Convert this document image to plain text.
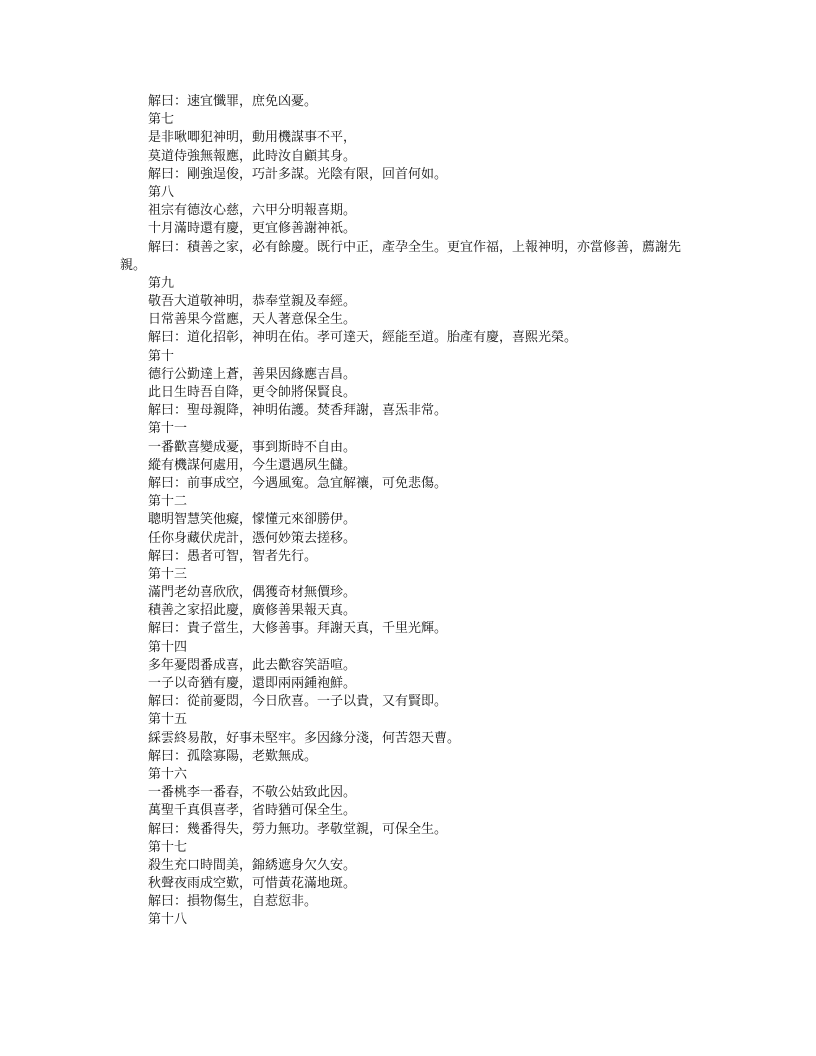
解曰：速宜懺罪，庶免凶憂。
第七
是非啾唧犯神明，動用機謀事不平，
莫道侍強無報應，此時汝自顧其身。
解曰：剛強逞俊，巧計多謀。光陰有限，回首何如。
第八
祖宗有德汝心慈，六甲分明報喜期。
十月滿時還有慶，更宜修善謝神祇。
解曰：積善之家，必有餘慶。既行中正，產孕全生。更宜作福，上報神明，亦當修善，薦謝先親。
第九
敬吾大道敬神明，恭奉堂親及奉經。
日常善果今當應，天人著意保全生。
解曰：道化招彰，神明在佑。孝可達天，經能至道。胎產有慶，喜熙光榮。
第十
德行公勤達上蒼，善果因緣應吉昌。
此日生時吾自降，更令帥將保賢良。
解曰：聖母親降，神明佑護。焚香拜謝，喜炁非常。
第十一
一番歡喜變成憂，事到斯時不自由。
縱有機謀何處用，今生還遇夙生讎。
解曰：前事成空，今遇風寃。急宜解禳，可免悲傷。
第十二
聰明智慧笑他癡，懞懂元來卻勝伊。
任你身藏伏虎計，憑何妙策去搓移。
解曰：愚者可智，智者先行。
第十三
滿門老幼喜欣欣，偶獲奇材無價珍。
積善之家招此慶，廣修善果報天真。
解曰：貴子當生，大修善事。拜謝天真，千里光輝。
第十四
多年憂悶番成喜，此去歡容笑語喧。
一子以奇猶有慶，還即兩兩鍾袍鮮。
解曰：從前憂悶，今日欣喜。一子以貴，又有賢即。
第十五
綵雲終易散，好事未堅牢。多因緣分淺，何苦怨天曹。
解曰：孤陰寡陽，老歎無成。
第十六
一番桃李一番春，不敬公姑致此因。
萬聖千真俱喜孝，省時猶可保全生。
解曰：幾番得失，勞力無功。孝敬堂親，可保全生。
第十七
殺生充口時間美，錦綉遮身欠久安。
秋聲夜雨成空歎，可惜黃花滿地斑。
解曰：損物傷生，自惹愆非。
第十八
